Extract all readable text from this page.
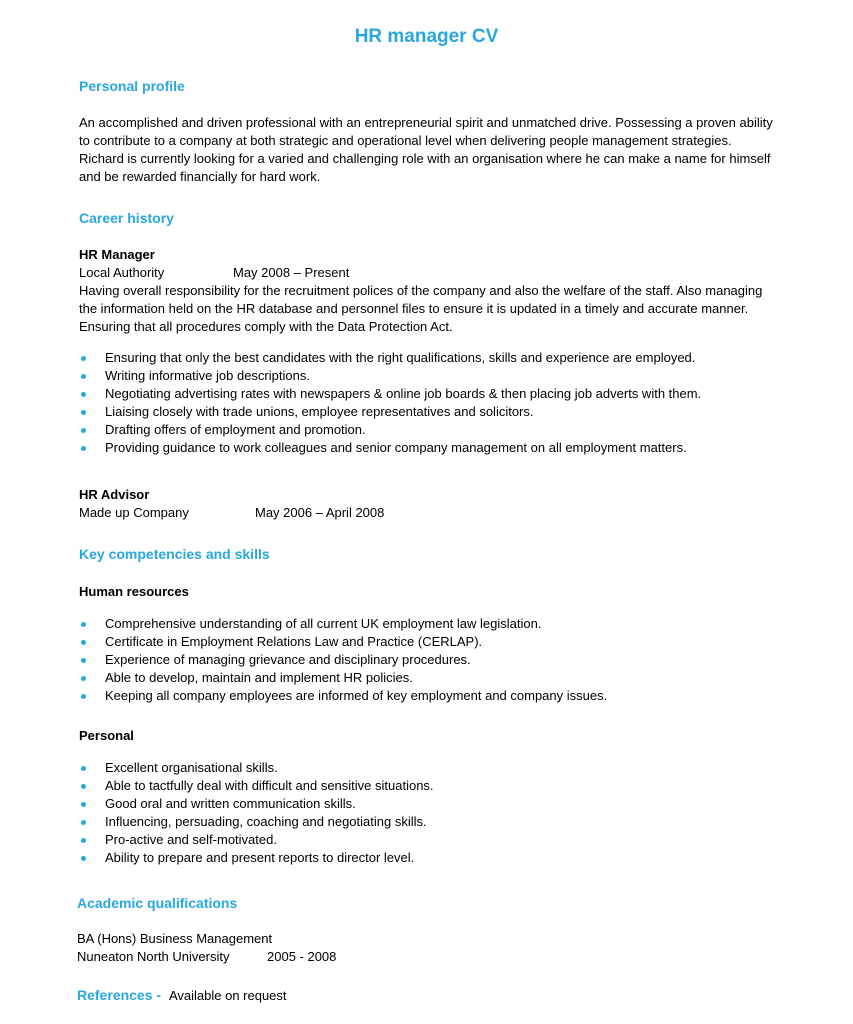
HR manager CV
Personal profile
An accomplished and driven professional with an entrepreneurial spirit and unmatched drive. Possessing a proven ability
to contribute to a company at both strategic and operational level when delivering people management strategies.
Richard is currently looking for a varied and challenging role with an organisation where he can make a name for himself
and be rewarded financially for hard work.
Career history
HR Manager
Local Authority	May 2008 – Present
Having overall responsibility for the recruitment polices of the company and also the welfare of the staff. Also managing
the information held on the HR database and personnel files to ensure it is updated in a timely and accurate manner.
Ensuring that all procedures comply with the Data Protection Act.
Ensuring that only the best candidates with the right qualifications, skills and experience are employed.
Writing informative job descriptions.
Negotiating advertising rates with newspapers & online job boards & then placing job adverts with them.
Liaising closely with trade unions, employee representatives and solicitors.
Drafting offers of employment and promotion.
Providing guidance to work colleagues and senior company management on all employment matters.
HR Advisor
Made up Company	May 2006 – April 2008
Key competencies and skills
Human resources
Comprehensive understanding of all current UK employment law legislation.
Certificate in Employment Relations Law and Practice (CERLAP).
Experience of managing grievance and disciplinary procedures.
Able to develop, maintain and implement HR policies.
Keeping all company employees are informed of key employment and company issues.
Personal
Excellent organisational skills.
Able to tactfully deal with difficult and sensitive situations.
Good oral and written communication skills.
Influencing, persuading, coaching and negotiating skills.
Pro-active and self-motivated.
Ability to prepare and present reports to director level.
Academic qualifications
BA (Hons) Business Management
Nuneaton North University	2005 - 2008
References - Available on request
